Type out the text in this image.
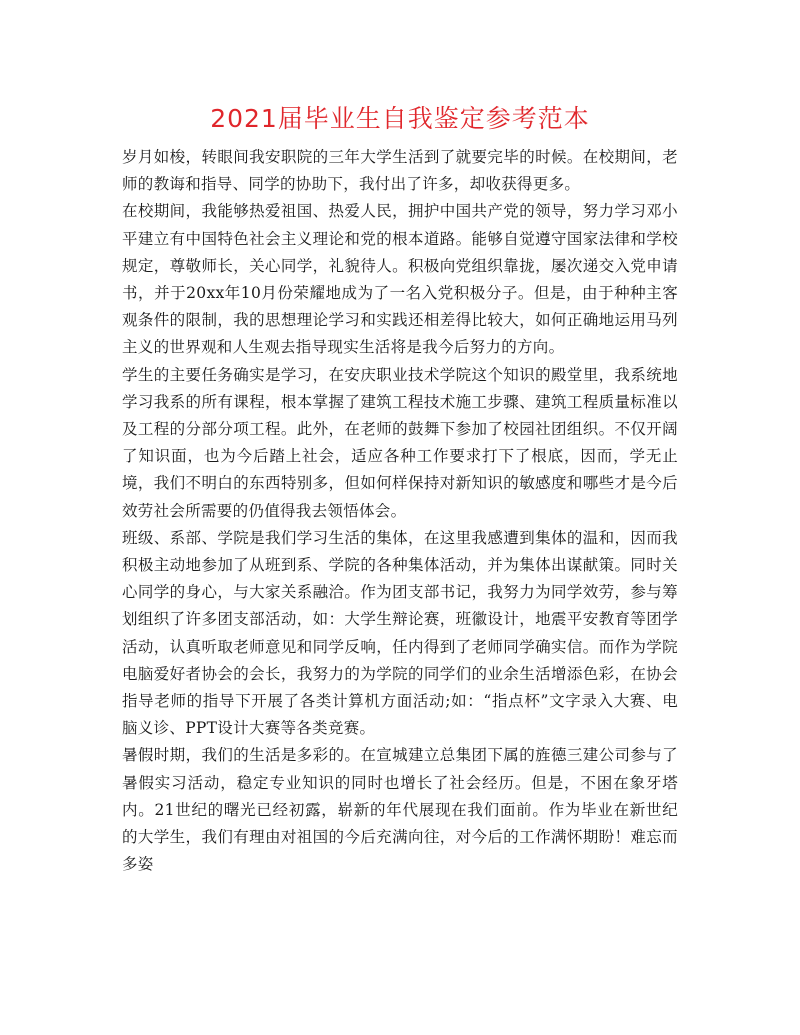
2021届毕业生自我鉴定参考范本

岁月如梭，转眼间我安职院的三年大学生活到了就要完毕的时候。在校期间，老师的教诲和指导、同学的协助下，我付出了许多，却收获得更多。

在校期间，我能够热爱祖国、热爱人民，拥护中国共产党的领导，努力学习邓小平建立有中国特色社会主义理论和党的根本道路。能够自觉遵守国家法律和学校规定，尊敬师长，关心同学，礼貌待人。积极向党组织靠拢，屡次递交入党申请书，并于20xx年10月份荣耀地成为了一名入党积极分子。但是，由于种种主客观条件的限制，我的思想理论学习和实践还相差得比较大，如何正确地运用马列主义的世界观和人生观去指导现实生活将是我今后努力的方向。

学生的主要任务确实是学习，在安庆职业技术学院这个知识的殿堂里，我系统地学习我系的所有课程，根本掌握了建筑工程技术施工步骤、建筑工程质量标准以及工程的分部分项工程。此外，在老师的鼓舞下参加了校园社团组织。不仅开阔了知识面，也为今后踏上社会，适应各种工作要求打下了根底，因而，学无止境，我们不明白的东西特别多，但如何样保持对新知识的敏感度和哪些才是今后效劳社会所需要的仍值得我去领悟体会。

班级、系部、学院是我们学习生活的集体，在这里我感遭到集体的温和，因而我积极主动地参加了从班到系、学院的各种集体活动，并为集体出谋献策。同时关心同学的身心，与大家关系融洽。作为团支部书记，我努力为同学效劳，参与筹划组织了许多团支部活动，如：大学生辩论赛，班徽设计，地震平安教育等团学活动，认真听取老师意见和同学反响，任内得到了老师同学确实信。而作为学院电脑爱好者协会的会长，我努力的为学院的同学们的业余生活增添色彩，在协会指导老师的指导下开展了各类计算机方面活动;如：“指点杯”文字录入大赛、电脑义诊、PPT设计大赛等各类竞赛。

暑假时期，我们的生活是多彩的。在宣城建立总集团下属的旌德三建公司参与了暑假实习活动，稳定专业知识的同时也增长了社会经历。但是，不困在象牙塔内。21世纪的曙光已经初露，崭新的年代展现在我们面前。作为毕业在新世纪的大学生，我们有理由对祖国的今后充满向往，对今后的工作满怀期盼！难忘而多姿
